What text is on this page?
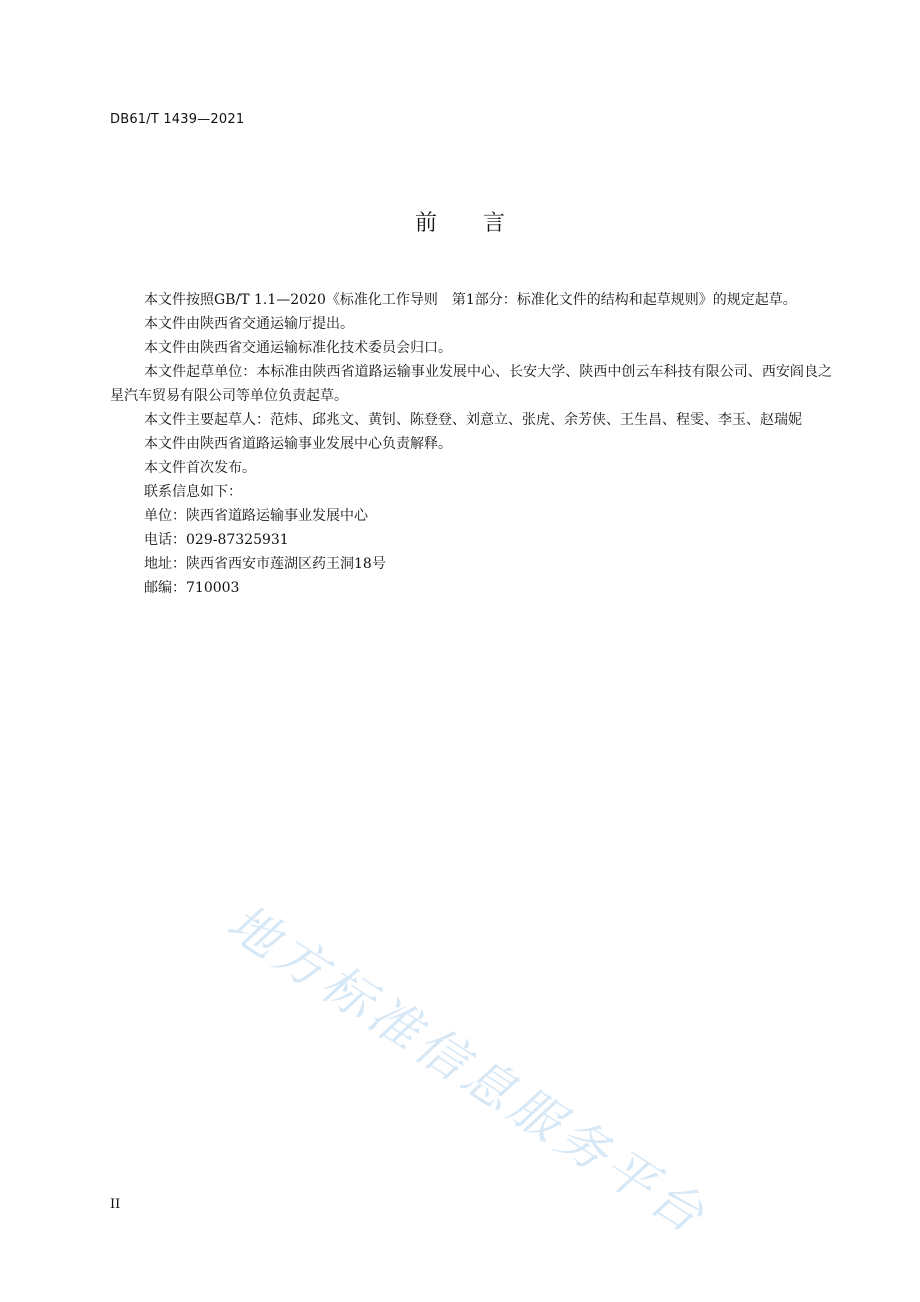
DB61/T 1439—2021
前言

本文件按照GB/T 1.1—2020《标准化工作导则　第1部分：标准化文件的结构和起草规则》的规定起草。

本文件由陕西省交通运输厅提出。

本文件由陕西省交通运输标准化技术委员会归口。

本文件起草单位：本标准由陕西省道路运输事业发展中心、长安大学、陕西中创云车科技有限公司、西安阎良之星汽车贸易有限公司等单位负责起草。

本文件主要起草人：范炜、邱兆文、黄钊、陈登登、刘意立、张虎、余芳侠、王生昌、程雯、李玉、赵瑞妮

本文件由陕西省道路运输事业发展中心负责解释。

本文件首次发布。

联系信息如下：

单位：陕西省道路运输事业发展中心

电话：029-87325931

地址：陕西省西安市莲湖区药王洞18号

邮编：710003

地方标准信息服务平台
II
